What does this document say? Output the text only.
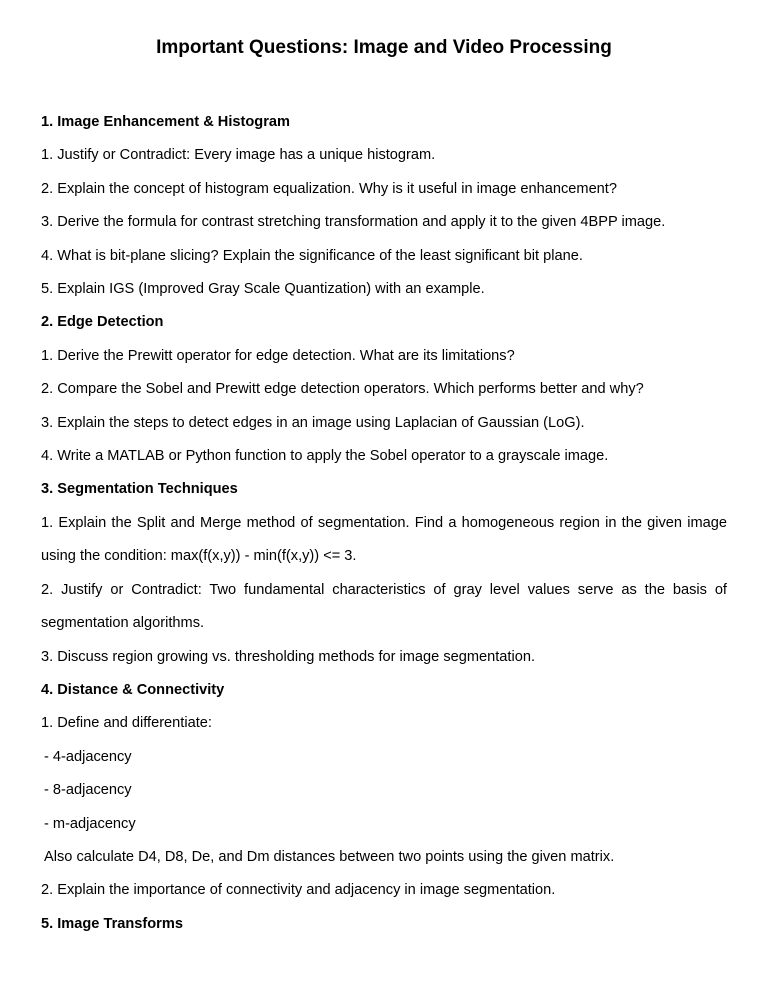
Important Questions: Image and Video Processing

1. Image Enhancement & Histogram

1. Justify or Contradict: Every image has a unique histogram.

2. Explain the concept of histogram equalization. Why is it useful in image enhancement?

3. Derive the formula for contrast stretching transformation and apply it to the given 4BPP image.

4. What is bit-plane slicing? Explain the significance of the least significant bit plane.

5. Explain IGS (Improved Gray Scale Quantization) with an example.

2. Edge Detection

1. Derive the Prewitt operator for edge detection. What are its limitations?

2. Compare the Sobel and Prewitt edge detection operators. Which performs better and why?

3. Explain the steps to detect edges in an image using Laplacian of Gaussian (LoG).

4. Write a MATLAB or Python function to apply the Sobel operator to a grayscale image.

3. Segmentation Techniques

1. Explain the Split and Merge method of segmentation. Find a homogeneous region in the given image using the condition: max(f(x,y)) - min(f(x,y)) <= 3.

2. Justify or Contradict: Two fundamental characteristics of gray level values serve as the basis of segmentation algorithms.

3. Discuss region growing vs. thresholding methods for image segmentation.

4. Distance & Connectivity

1. Define and differentiate:

- 4-adjacency

- 8-adjacency

- m-adjacency

Also calculate D4, D8, De, and Dm distances between two points using the given matrix.

2. Explain the importance of connectivity and adjacency in image segmentation.

5. Image Transforms
